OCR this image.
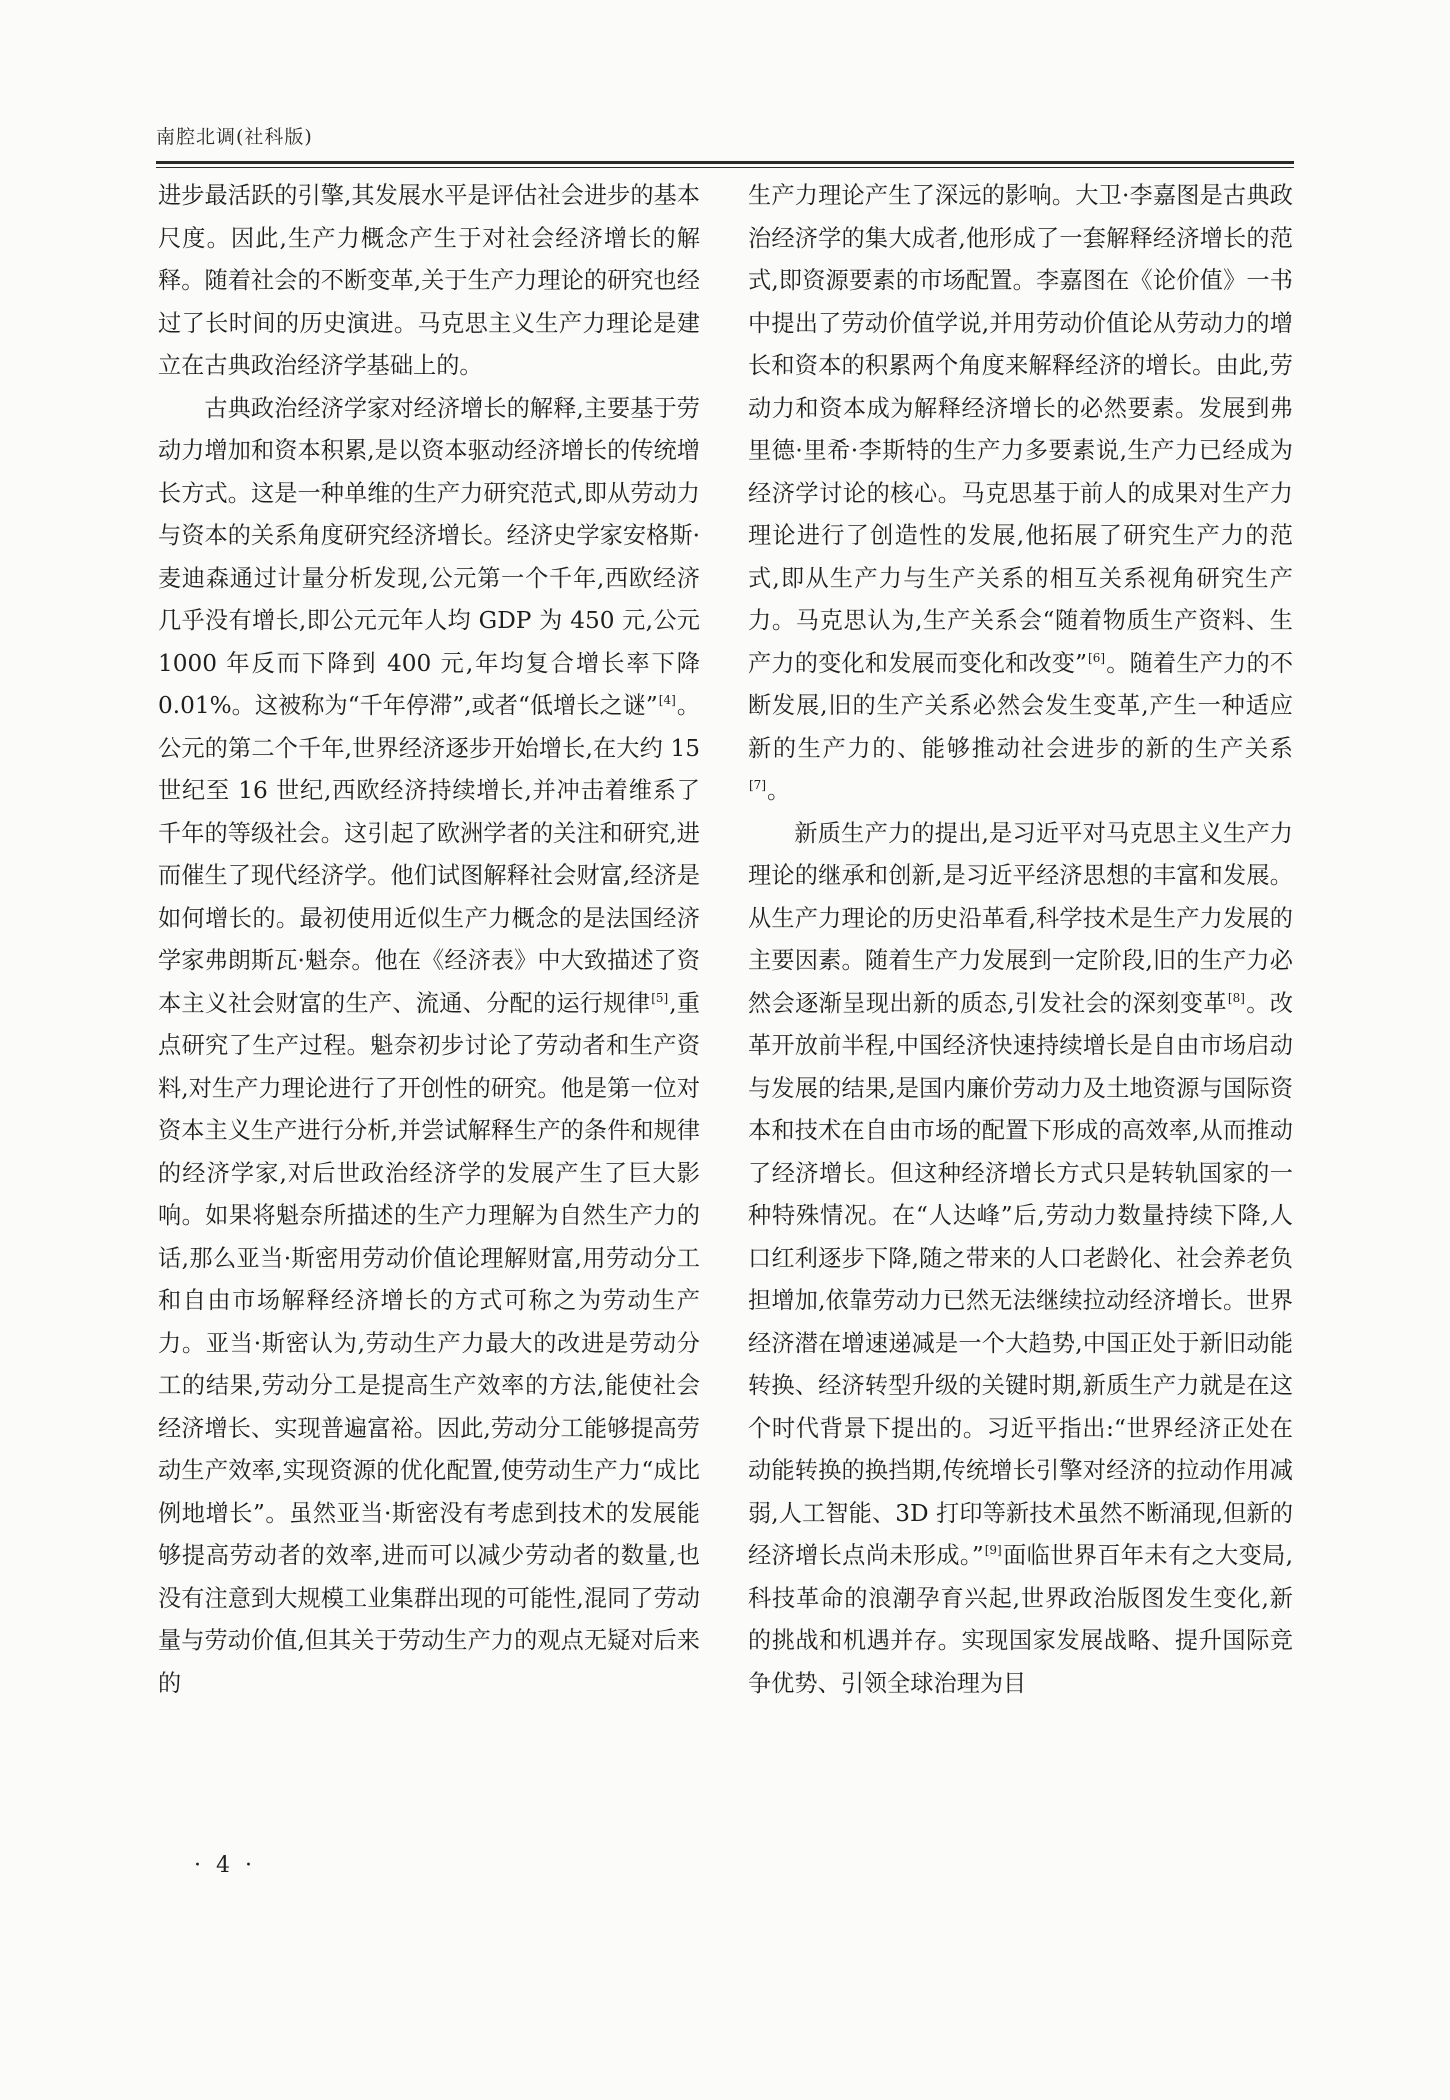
南腔北调(社科版)

进步最活跃的引擎,其发展水平是评估社会进步的基本尺度。因此,生产力概念产生于对社会经济增长的解释。随着社会的不断变革,关于生产力理论的研究也经过了长时间的历史演进。马克思主义生产力理论是建立在古典政治经济学基础上的。

古典政治经济学家对经济增长的解释,主要基于劳动力增加和资本积累,是以资本驱动经济增长的传统增长方式。这是一种单维的生产力研究范式,即从劳动力与资本的关系角度研究经济增长。经济史学家安格斯·麦迪森通过计量分析发现,公元第一个千年,西欧经济几乎没有增长,即公元元年人均 GDP 为 450 元,公元 1000 年反而下降到 400 元,年均复合增长率下降 0.01%。这被称为“千年停滞”,或者“低增长之谜”[4]。公元的第二个千年,世界经济逐步开始增长,在大约 15 世纪至 16 世纪,西欧经济持续增长,并冲击着维系了千年的等级社会。这引起了欧洲学者的关注和研究,进而催生了现代经济学。他们试图解释社会财富,经济是如何增长的。最初使用近似生产力概念的是法国经济学家弗朗斯瓦·魁奈。他在《经济表》中大致描述了资本主义社会财富的生产、流通、分配的运行规律[5],重点研究了生产过程。魁奈初步讨论了劳动者和生产资料,对生产力理论进行了开创性的研究。他是第一位对资本主义生产进行分析,并尝试解释生产的条件和规律的经济学家,对后世政治经济学的发展产生了巨大影响。如果将魁奈所描述的生产力理解为自然生产力的话,那么亚当·斯密用劳动价值论理解财富,用劳动分工和自由市场解释经济增长的方式可称之为劳动生产力。亚当·斯密认为,劳动生产力最大的改进是劳动分工的结果,劳动分工是提高生产效率的方法,能使社会经济增长、实现普遍富裕。因此,劳动分工能够提高劳动生产效率,实现资源的优化配置,使劳动生产力“成比例地增长”。虽然亚当·斯密没有考虑到技术的发展能够提高劳动者的效率,进而可以减少劳动者的数量,也没有注意到大规模工业集群出现的可能性,混同了劳动量与劳动价值,但其关于劳动生产力的观点无疑对后来的

生产力理论产生了深远的影响。大卫·李嘉图是古典政治经济学的集大成者,他形成了一套解释经济增长的范式,即资源要素的市场配置。李嘉图在《论价值》一书中提出了劳动价值学说,并用劳动价值论从劳动力的增长和资本的积累两个角度来解释经济的增长。由此,劳动力和资本成为解释经济增长的必然要素。发展到弗里德·里希·李斯特的生产力多要素说,生产力已经成为经济学讨论的核心。马克思基于前人的成果对生产力理论进行了创造性的发展,他拓展了研究生产力的范式,即从生产力与生产关系的相互关系视角研究生产力。马克思认为,生产关系会“随着物质生产资料、生产力的变化和发展而变化和改变”[6]。随着生产力的不断发展,旧的生产关系必然会发生变革,产生一种适应新的生产力的、能够推动社会进步的新的生产关系[7]。

新质生产力的提出,是习近平对马克思主义生产力理论的继承和创新,是习近平经济思想的丰富和发展。从生产力理论的历史沿革看,科学技术是生产力发展的主要因素。随着生产力发展到一定阶段,旧的生产力必然会逐渐呈现出新的质态,引发社会的深刻变革[8]。改革开放前半程,中国经济快速持续增长是自由市场启动与发展的结果,是国内廉价劳动力及土地资源与国际资本和技术在自由市场的配置下形成的高效率,从而推动了经济增长。但这种经济增长方式只是转轨国家的一种特殊情况。在“人达峰”后,劳动力数量持续下降,人口红利逐步下降,随之带来的人口老龄化、社会养老负担增加,依靠劳动力已然无法继续拉动经济增长。世界经济潜在增速递减是一个大趋势,中国正处于新旧动能转换、经济转型升级的关键时期,新质生产力就是在这个时代背景下提出的。习近平指出:“世界经济正处在动能转换的换挡期,传统增长引擎对经济的拉动作用减弱,人工智能、3D 打印等新技术虽然不断涌现,但新的经济增长点尚未形成。”[9]面临世界百年未有之大变局,科技革命的浪潮孕育兴起,世界政治版图发生变化,新的挑战和机遇并存。实现国家发展战略、提升国际竞争优势、引领全球治理为目

· 4 ·
